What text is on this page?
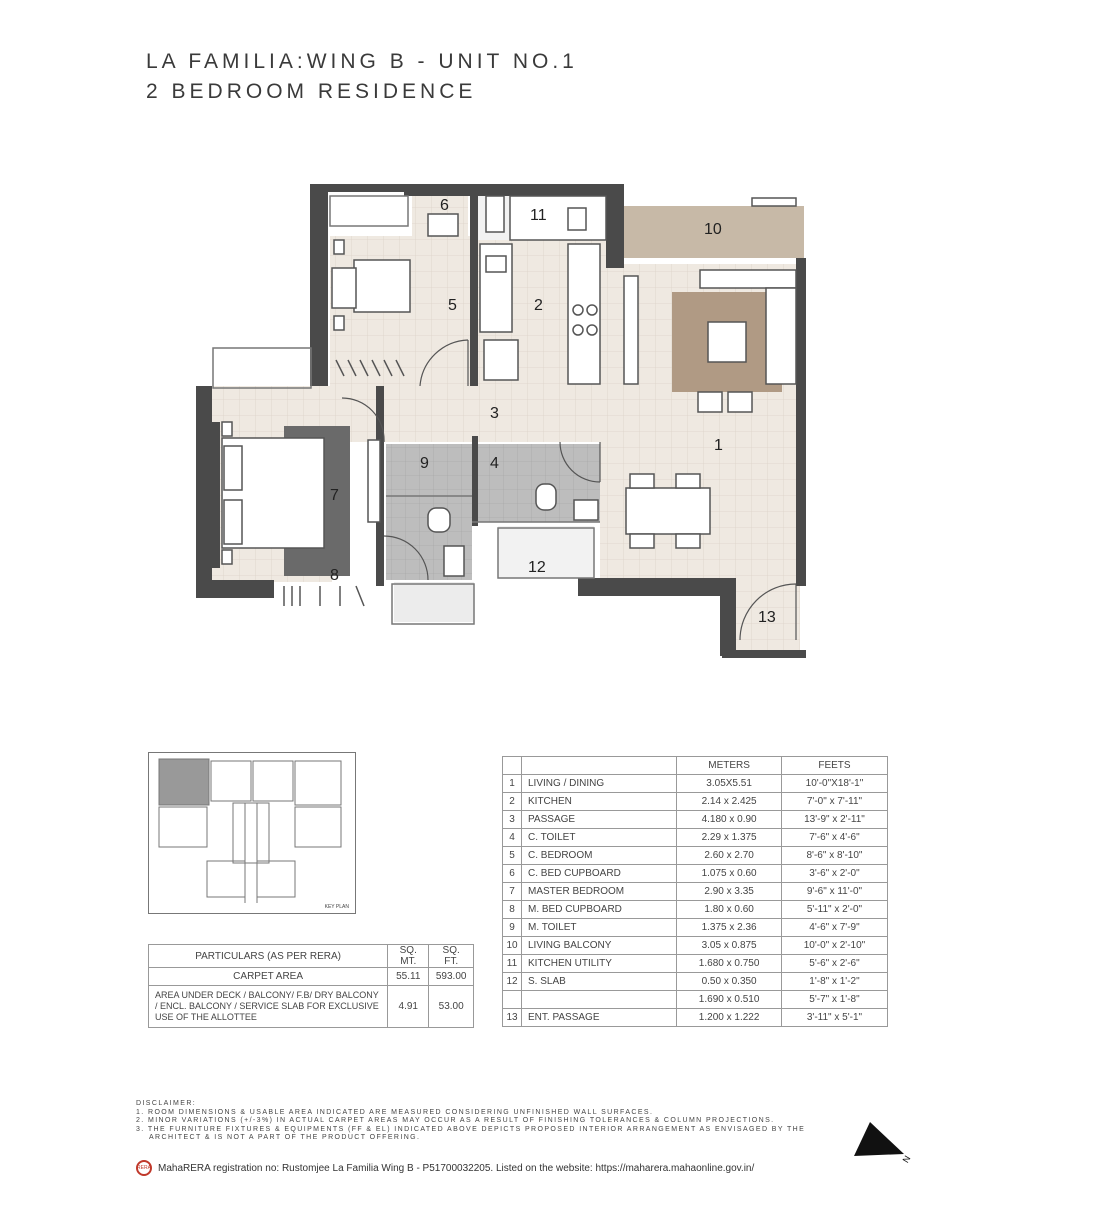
LA FAMILIA:WING B - UNIT NO.1
2 BEDROOM RESIDENCE
1
2
3
4
5
6
7
8
9
10
11
12
13
KEY PLAN
PARTICULARS (AS PER RERA)	SQ. MT.	SQ. FT.
CARPET AREA	55.11	593.00
AREA UNDER DECK / BALCONY/ F.B/ DRY BALCONY / ENCL. BALCONY / SERVICE SLAB FOR EXCLUSIVE USE OF THE ALLOTTEE	4.91	53.00
		METERS	FEETS
1	LIVING / DINING	3.05X5.51	10'-0"X18'-1"
2	KITCHEN	2.14 x 2.425	7'-0" x 7'-11"
3	PASSAGE	4.180 x 0.90	13'-9" x 2'-11"
4	C. TOILET	2.29 x 1.375	7'-6" x 4'-6"
5	C. BEDROOM	2.60 x 2.70	8'-6" x 8'-10"
6	C. BED CUPBOARD	1.075 x 0.60	3'-6" x 2'-0"
7	MASTER BEDROOM	2.90 x 3.35	9'-6" x 11'-0"
8	M. BED CUPBOARD	1.80 x 0.60	5'-11" x 2'-0"
9	M. TOILET	1.375 x 2.36	4'-6" x 7'-9"
10	LIVING BALCONY	3.05 x 0.875	10'-0" x 2'-10"
11	KITCHEN UTILITY	1.680 x 0.750	5'-6" x 2'-6"
12	S. SLAB	0.50 x 0.350	1'-8" x 1'-2"
		1.690 x 0.510	5'-7" x 1'-8"
13	ENT. PASSAGE	1.200 x 1.222	3'-11" x 5'-1"
DISCLAIMER:
1. ROOM DIMENSIONS & USABLE AREA INDICATED ARE MEASURED CONSIDERING UNFINISHED WALL SURFACES.
2. MINOR VARIATIONS (+/-3%) IN ACTUAL CARPET AREAS MAY OCCUR AS A RESULT OF FINISHING TOLERANCES & COLUMN PROJECTIONS.
3. THE FURNITURE FIXTURES & EQUIPMENTS (FF & EL) INDICATED ABOVE DEPICTS PROPOSED INTERIOR ARRANGEMENT AS ENVISAGED BY THE
ARCHITECT & IS NOT A PART OF THE PRODUCT OFFERING.
RERA MahaRERA registration no: Rustomjee La Familia Wing B - P51700032205. Listed on the website: https://maharera.mahaonline.gov.in/
N
